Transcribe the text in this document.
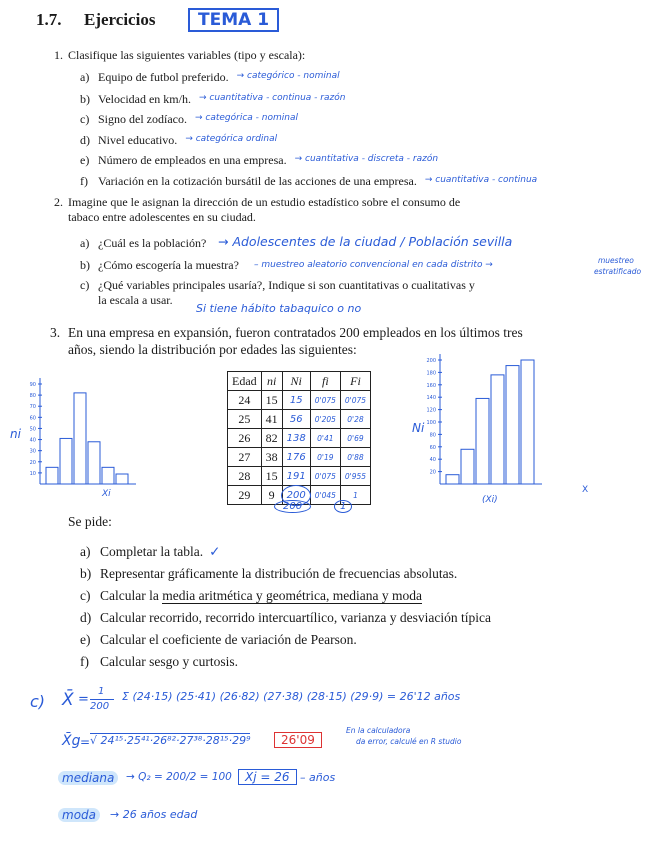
1.7. Ejercicios	TEMA 1
1. Clasifique las siguientes variables (tipo y escala):
a) Equipo de futbol preferido. → categórico - nominal
b) Velocidad en km/h. → cuantitativa - continua - razón
c) Signo del zodíaco. → categórica - nominal
d) Nivel educativo. → categórica ordinal
e) Número de empleados en una empresa. → cuantitativa - discreta - razón
f) Variación en la cotización bursátil de las acciones de una empresa. → cuantitativa - continua
2. Imagine que le asignan la dirección de un estudio estadístico sobre el consumo de
tabaco entre adolescentes en su ciudad.
a) ¿Cuál es la población? → Adolescentes de la ciudad / Población sevilla
b) ¿Cómo escogería la muestra? – muestreo aleatorio convencional en cada distrito →	muestreo
estratificado
c) ¿Qué variables principales usaría?, Indique si son cuantitativas o cualitativas y
la escala a usar.
Si tiene hábito tabaquico o no
3. En una empresa en expansión, fueron contratados 200 empleados en los últimos tres
años, siendo la distribución por edades las siguientes:
10
20
30
40
50
60
70
80
90
ni
Xi
Edad	ni	Ni	fi	Fi
24	15	15	0'075	0'075
25	41	56	0'205	0'28
26	82	138	0'41	0'69
27	38	176	0'19	0'88
28	15	191	0'075	0'955
29	9	200	0'045	1
200	1
20
40
60
80
100
120
140
160
180
200
Ni
(Xi)
X
Se pide:
a) Completar la tabla. ✓
b) Representar gráficamente la distribución de frecuencias absolutas.
c) Calcular la media aritmética y geométrica, mediana y moda
d) Calcular recorrido, recorrido intercuartílico, varianza y desviación típica
e) Calcular el coeficiente de variación de Pearson.
f) Calcular sesgo y curtosis.
c) X̄ =
1
200
Σ (24·15) (25·41) (26·82) (27·38) (28·15) (29·9) = 26'12 años
X̄g = √ 24¹⁵·25⁴¹·26⁸²·27³⁸·28¹⁵·29⁹	26'09
En la calculadora
da error, calculé en R studio
mediana	→ Q₂ = 200/2 = 100	Xj = 26 – años
moda	→ 26 años edad
